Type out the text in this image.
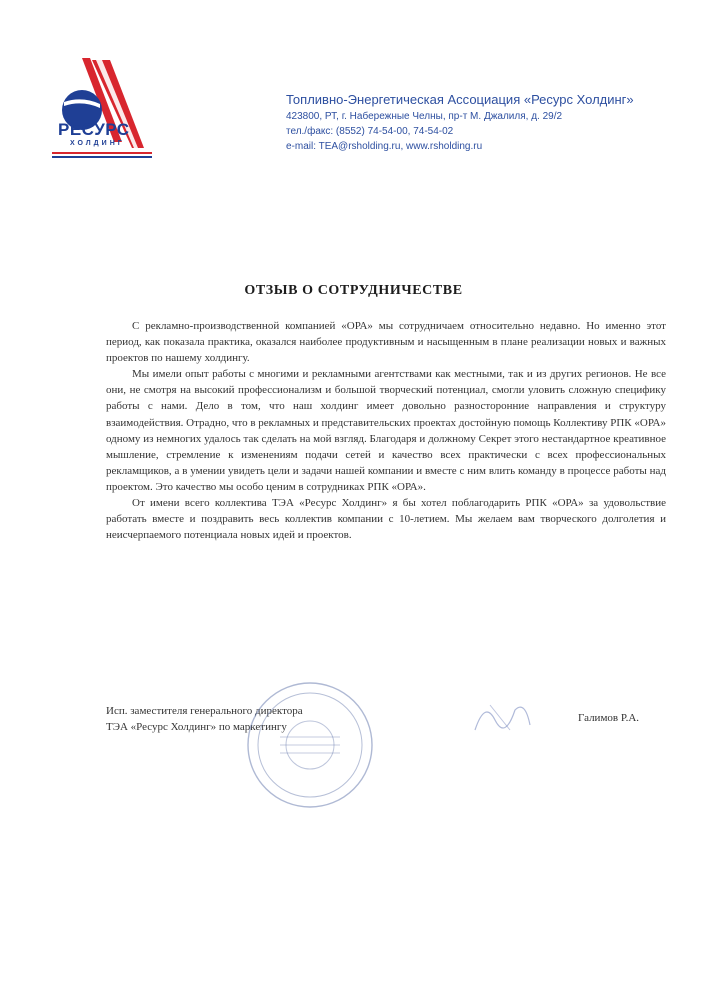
РЕСУРС
ХОЛДИНГ
Топливно-Энергетическая Ассоциация «Ресурс Холдинг»
423800, РТ, г. Набережные Челны, пр-т М. Джалиля, д. 29/2
тел./факс: (8552) 74-54-00, 74-54-02
e-mail: TEA@rsholding.ru, www.rsholding.ru
ОТЗЫВ О СОТРУДНИЧЕСТВЕ

С рекламно-производственной компанией «ОРА» мы сотрудничаем относительно недавно. Но именно этот период, как показала практика, оказался наиболее продуктивным и насыщенным в плане реализации новых и важных проектов по нашему холдингу.

Мы имели опыт работы с многими и рекламными агентствами как местными, так и из других регионов. Не все они, не смотря на высокий профессионализм и большой творческий потенциал, смогли уловить сложную специфику работы с нами. Дело в том, что наш холдинг имеет довольно разносторонние направления и структуру взаимодействия. Отрадно, что в рекламных и представительских проектах достойную помощь Коллективу РПК «ОРА» одному из немногих удалось так сделать на мой взгляд. Благодаря и должному Секрет этого нестандартное креативное мышление, стремление к изменениям подачи сетей и качество всех практически с всех профессиональных рекламщиков, а в умении увидеть цели и задачи нашей компании и вместе с ним влить команду в процессе работы над проектом. Это качество мы особо ценим в сотрудниках РПК «ОРА».

От имени всего коллектива ТЭА «Ресурс Холдинг» я бы хотел поблагодарить РПК «ОРА» за удовольствие работать вместе и поздравить весь коллектив компании с 10-летием. Мы желаем вам творческого долголетия и неисчерпаемого потенциала новых идей и проектов.

Исп. заместителя генерального директора
ТЭА «Ресурс Холдинг» по маркетингу
Галимов Р.А.
